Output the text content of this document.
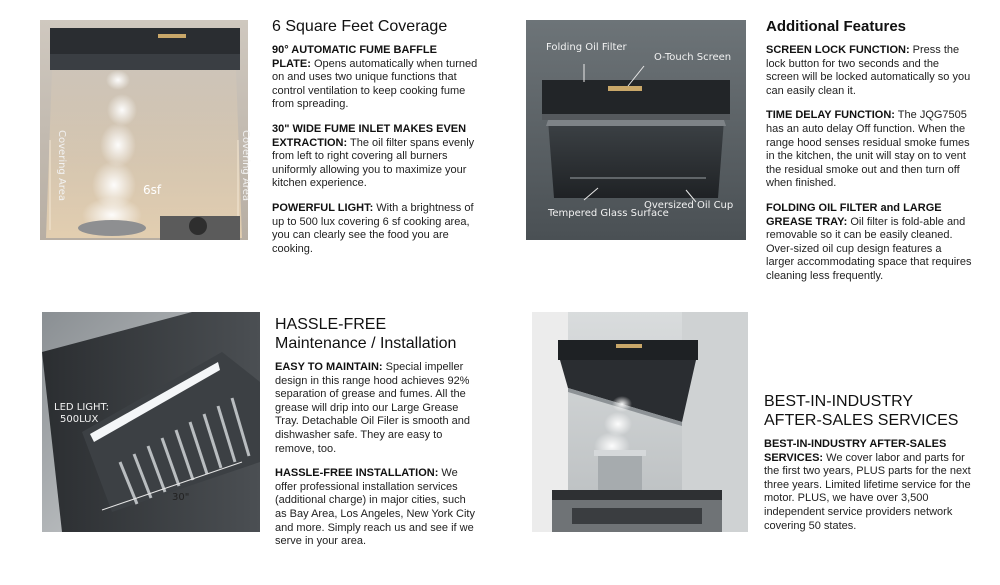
Covering Area	Covering Area
6sf
6 Square Feet Coverage

90° AUTOMATIC FUME BAFFLE PLATE: Opens automatically when turned on and uses two unique functions that control ventilation to keep cooking fume from spreading.

30" WIDE FUME INLET MAKES EVEN EXTRACTION: The oil filter spans evenly from left to right covering all burners uniformly allowing you to maximize your kitchen experience.

POWERFUL LIGHT: With a brightness of up to 500 lux covering 6 sf cooking area, you can clearly see the food you are cooking.

Folding Oil Filter
O-Touch Screen
Tempered Glass Surface
Oversized Oil Cup
Additional Features

SCREEN LOCK FUNCTION: Press the lock button for two seconds and the screen will be locked automatically so you can easily clean it.

TIME DELAY FUNCTION: The JQG7505 has an auto delay Off function. When the range hood senses residual smoke fumes in the kitchen, the unit will stay on to vent the residual smoke out and then turn off when finished.

FOLDING OIL FILTER and LARGE GREASE TRAY: Oil filter is fold-able and removable so it can be easily cleaned. Over-sized oil cup design features a larger accommodating space that requires cleaning less frequently.

LED LIGHT:
500LUX
30"
HASSLE-FREE Maintenance / Installation

EASY TO MAINTAIN: Special impeller design in this range hood achieves 92% separation of grease and fumes. All the grease will drip into our Large Grease Tray. Detachable Oil Filer is smooth and dishwasher safe. They are easy to remove, too.

HASSLE-FREE INSTALLATION: We offer professional installation services (additional charge) in major cities, such as Bay Area, Los Angeles, New York City and more. Simply reach us and see if we serve in your area.

BEST-IN-INDUSTRY AFTER-SALES SERVICES

BEST-IN-INDUSTRY AFTER-SALES SERVICES: We cover labor and parts for the first two years, PLUS parts for the next three years. Limited lifetime service for the motor. PLUS, we have over 3,500 independent service providers network covering 50 states.
